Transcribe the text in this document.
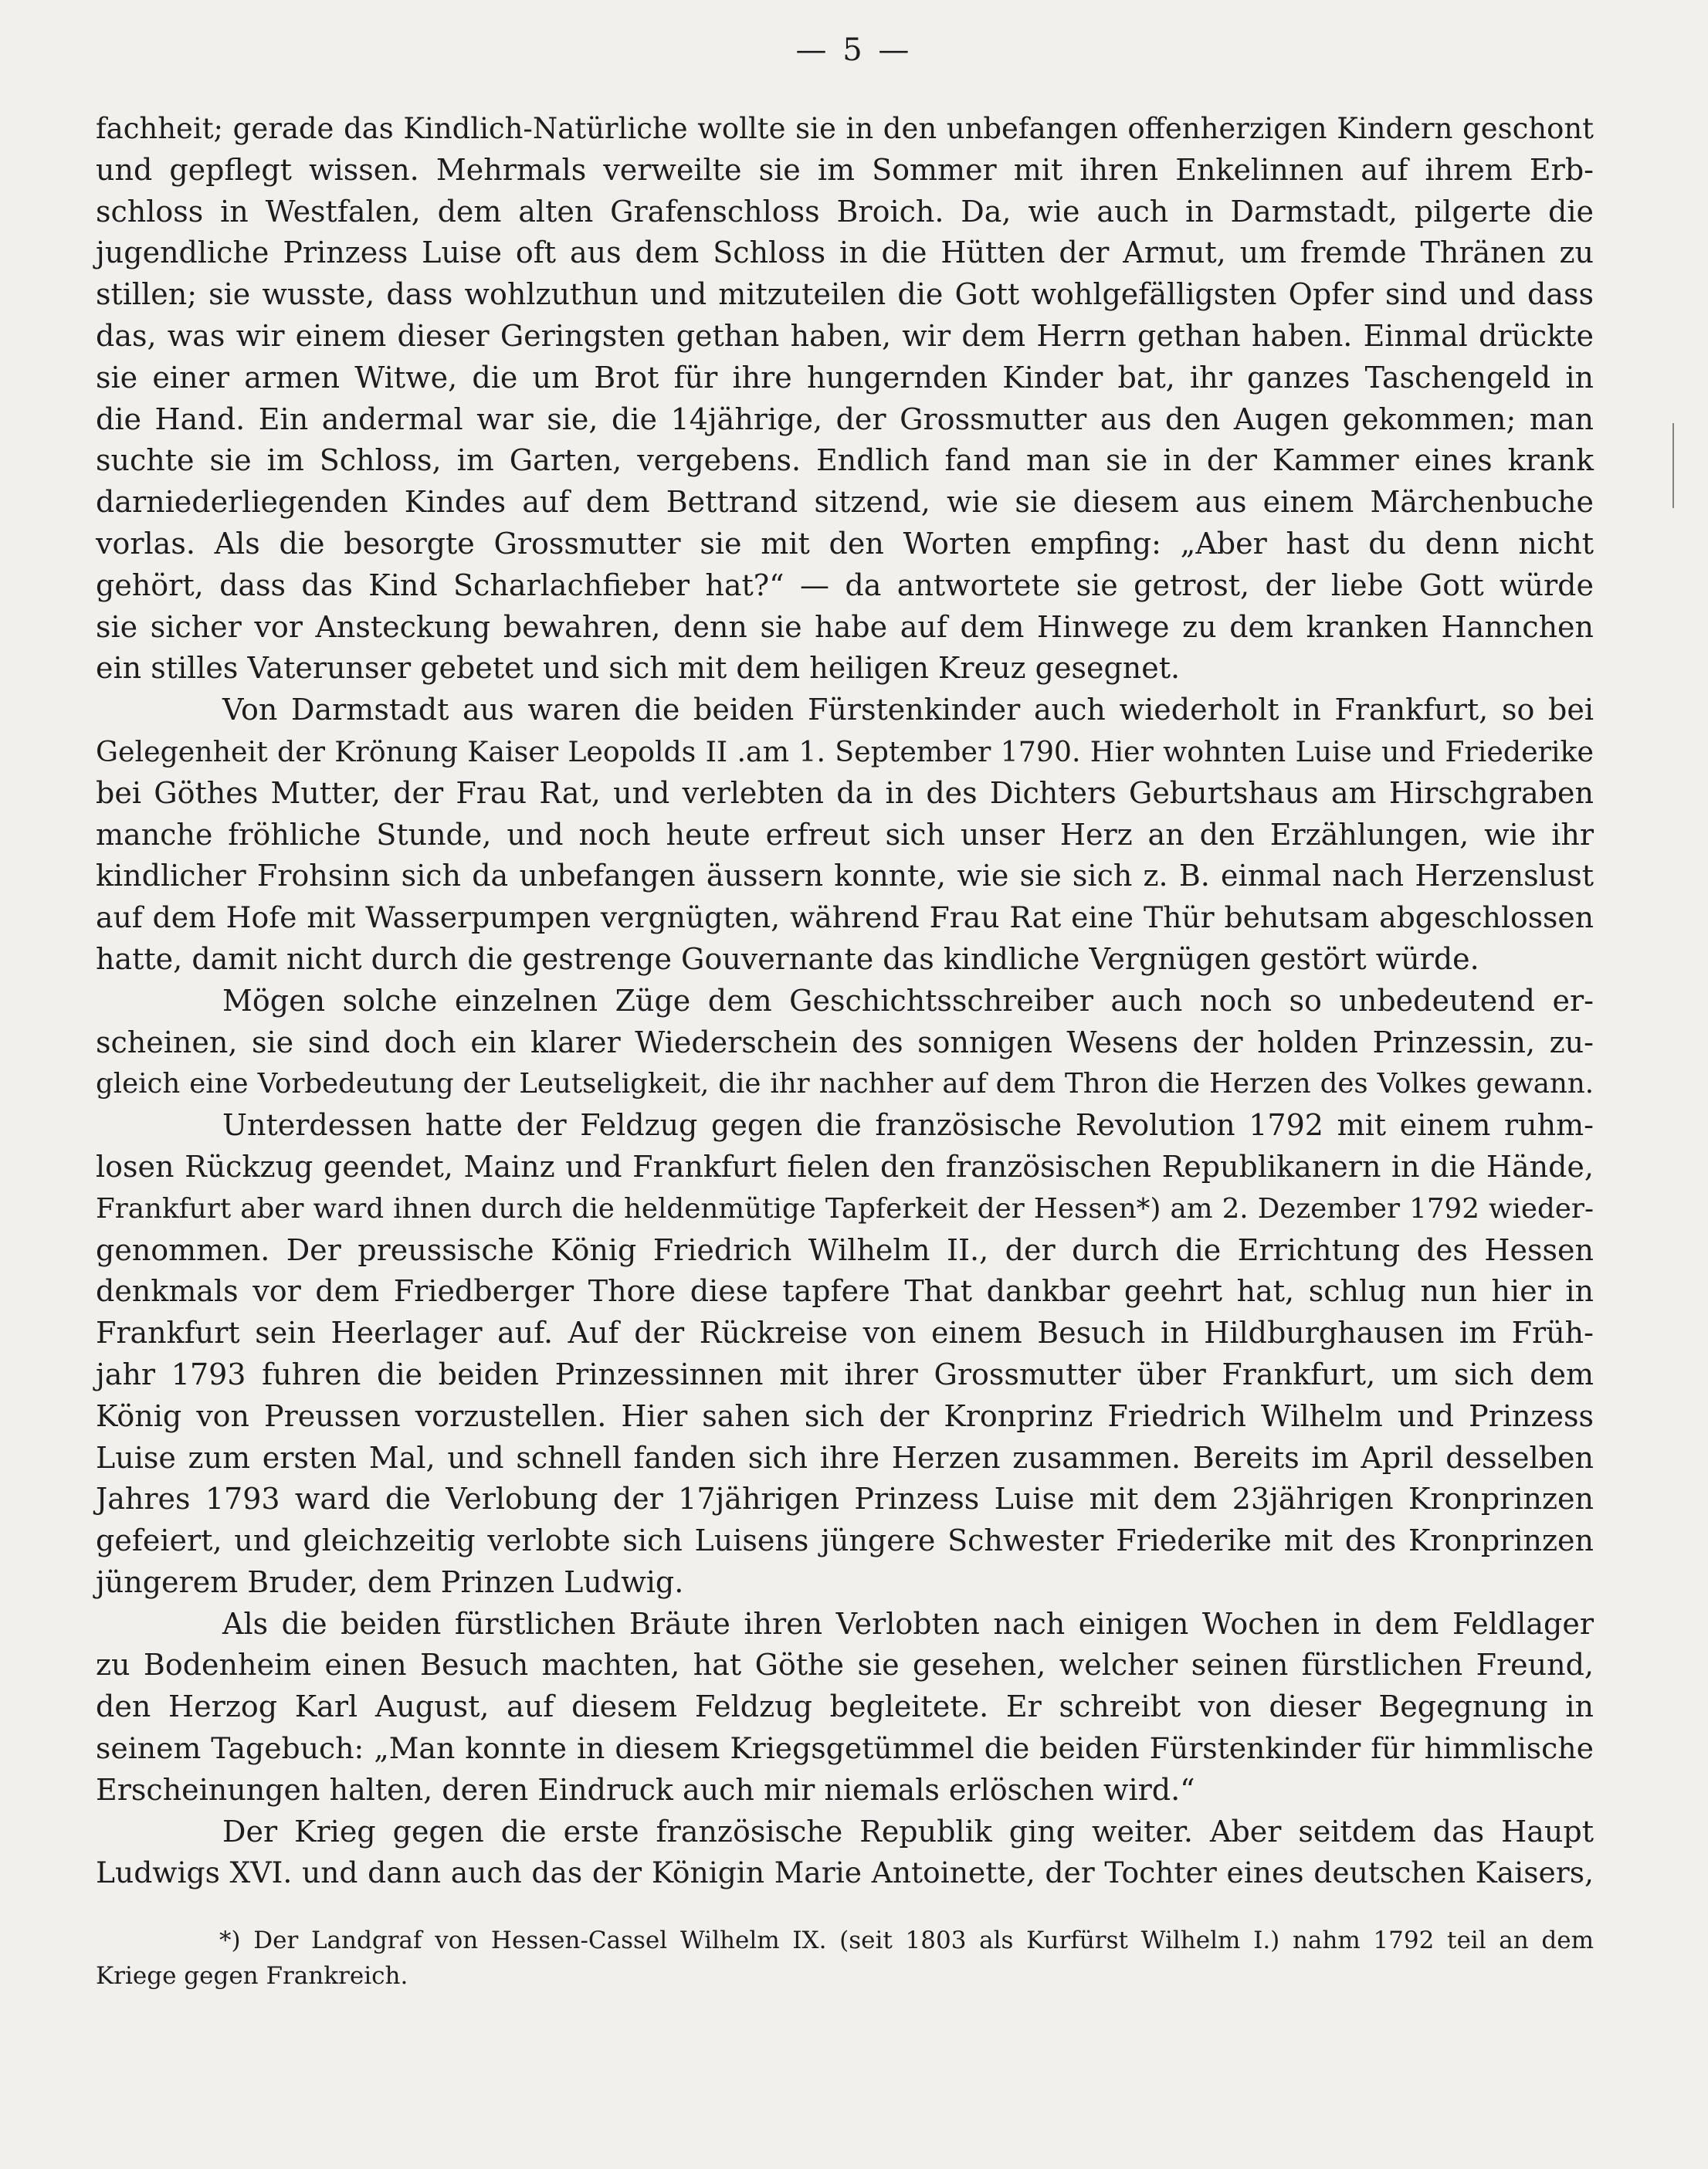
— 5 —
fachheit; gerade das Kindlich-Natürliche wollte sie in den unbefangen offenherzigen Kindern geschont
und gepflegt wissen. Mehrmals verweilte sie im Sommer mit ihren Enkelinnen auf ihrem Erb-
schloss in Westfalen, dem alten Grafenschloss Broich. Da, wie auch in Darmstadt, pilgerte die
jugendliche Prinzess Luise oft aus dem Schloss in die Hütten der Armut, um fremde Thränen zu
stillen; sie wusste, dass wohlzuthun und mitzuteilen die Gott wohlgefälligsten Opfer sind und dass
das, was wir einem dieser Geringsten gethan haben, wir dem Herrn gethan haben. Einmal drückte
sie einer armen Witwe, die um Brot für ihre hungernden Kinder bat, ihr ganzes Taschengeld in
die Hand. Ein andermal war sie, die 14jährige, der Grossmutter aus den Augen gekommen; man
suchte sie im Schloss, im Garten, vergebens. Endlich fand man sie in der Kammer eines krank
darniederliegenden Kindes auf dem Bettrand sitzend, wie sie diesem aus einem Märchenbuche
vorlas. Als die besorgte Grossmutter sie mit den Worten empfing: „Aber hast du denn nicht
gehört, dass das Kind Scharlachfieber hat?“ — da antwortete sie getrost, der liebe Gott würde
sie sicher vor Ansteckung bewahren, denn sie habe auf dem Hinwege zu dem kranken Hannchen
ein stilles Vaterunser gebetet und sich mit dem heiligen Kreuz gesegnet.
Von Darmstadt aus waren die beiden Fürstenkinder auch wiederholt in Frankfurt, so bei
Gelegenheit der Krönung Kaiser Leopolds II .am 1. September 1790. Hier wohnten Luise und Friederike
bei Göthes Mutter, der Frau Rat, und verlebten da in des Dichters Geburtshaus am Hirschgraben
manche fröhliche Stunde, und noch heute erfreut sich unser Herz an den Erzählungen, wie ihr
kindlicher Frohsinn sich da unbefangen äussern konnte, wie sie sich z. B. einmal nach Herzenslust
auf dem Hofe mit Wasserpumpen vergnügten, während Frau Rat eine Thür behutsam abgeschlossen
hatte, damit nicht durch die gestrenge Gouvernante das kindliche Vergnügen gestört würde.
Mögen solche einzelnen Züge dem Geschichtsschreiber auch noch so unbedeutend er-
scheinen, sie sind doch ein klarer Wiederschein des sonnigen Wesens der holden Prinzessin, zu-
gleich eine Vorbedeutung der Leutseligkeit, die ihr nachher auf dem Thron die Herzen des Volkes gewann.
Unterdessen hatte der Feldzug gegen die französische Revolution 1792 mit einem ruhm-
losen Rückzug geendet, Mainz und Frankfurt fielen den französischen Republikanern in die Hände,
Frankfurt aber ward ihnen durch die heldenmütige Tapferkeit der Hessen*) am 2. Dezember 1792 wieder-
genommen. Der preussische König Friedrich Wilhelm II., der durch die Errichtung des Hessen
denkmals vor dem Friedberger Thore diese tapfere That dankbar geehrt hat, schlug nun hier in
Frankfurt sein Heerlager auf. Auf der Rückreise von einem Besuch in Hildburghausen im Früh-
jahr 1793 fuhren die beiden Prinzessinnen mit ihrer Grossmutter über Frankfurt, um sich dem
König von Preussen vorzustellen. Hier sahen sich der Kronprinz Friedrich Wilhelm und Prinzess
Luise zum ersten Mal, und schnell fanden sich ihre Herzen zusammen. Bereits im April desselben
Jahres 1793 ward die Verlobung der 17jährigen Prinzess Luise mit dem 23jährigen Kronprinzen
gefeiert, und gleichzeitig verlobte sich Luisens jüngere Schwester Friederike mit des Kronprinzen
jüngerem Bruder, dem Prinzen Ludwig.
Als die beiden fürstlichen Bräute ihren Verlobten nach einigen Wochen in dem Feldlager
zu Bodenheim einen Besuch machten, hat Göthe sie gesehen, welcher seinen fürstlichen Freund,
den Herzog Karl August, auf diesem Feldzug begleitete. Er schreibt von dieser Begegnung in
seinem Tagebuch: „Man konnte in diesem Kriegsgetümmel die beiden Fürstenkinder für himmlische
Erscheinungen halten, deren Eindruck auch mir niemals erlöschen wird.“
Der Krieg gegen die erste französische Republik ging weiter. Aber seitdem das Haupt
Ludwigs XVI. und dann auch das der Königin Marie Antoinette, der Tochter eines deutschen Kaisers,
*) Der Landgraf von Hessen-Cassel Wilhelm IX. (seit 1803 als Kurfürst Wilhelm I.) nahm 1792 teil an dem
Kriege gegen Frankreich.
